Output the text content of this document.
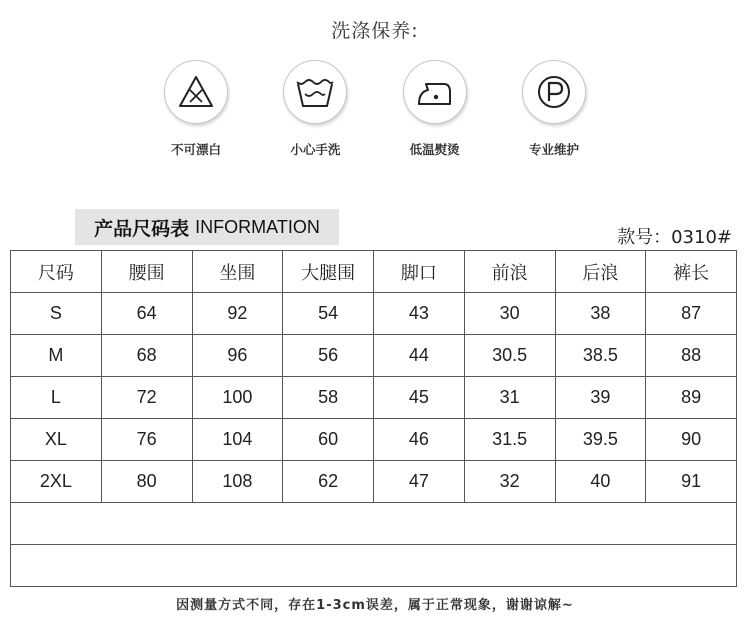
洗涤保养:
不可漂白	小心手洗	低温熨烫	专业维护
产品尺码表 INFORMATION
款号：0310#
尺码	腰围	坐围	大腿围	脚口	前浪	后浪	裤长
S	64	92	54	43	30	38	87
M	68	96	56	44	30.5	38.5	88
L	72	100	58	45	31	39	89
XL	76	104	60	46	31.5	39.5	90
2XL	80	108	62	47	32	40	91

因测量方式不同，存在1-3cm误差，属于正常现象，谢谢谅解~
